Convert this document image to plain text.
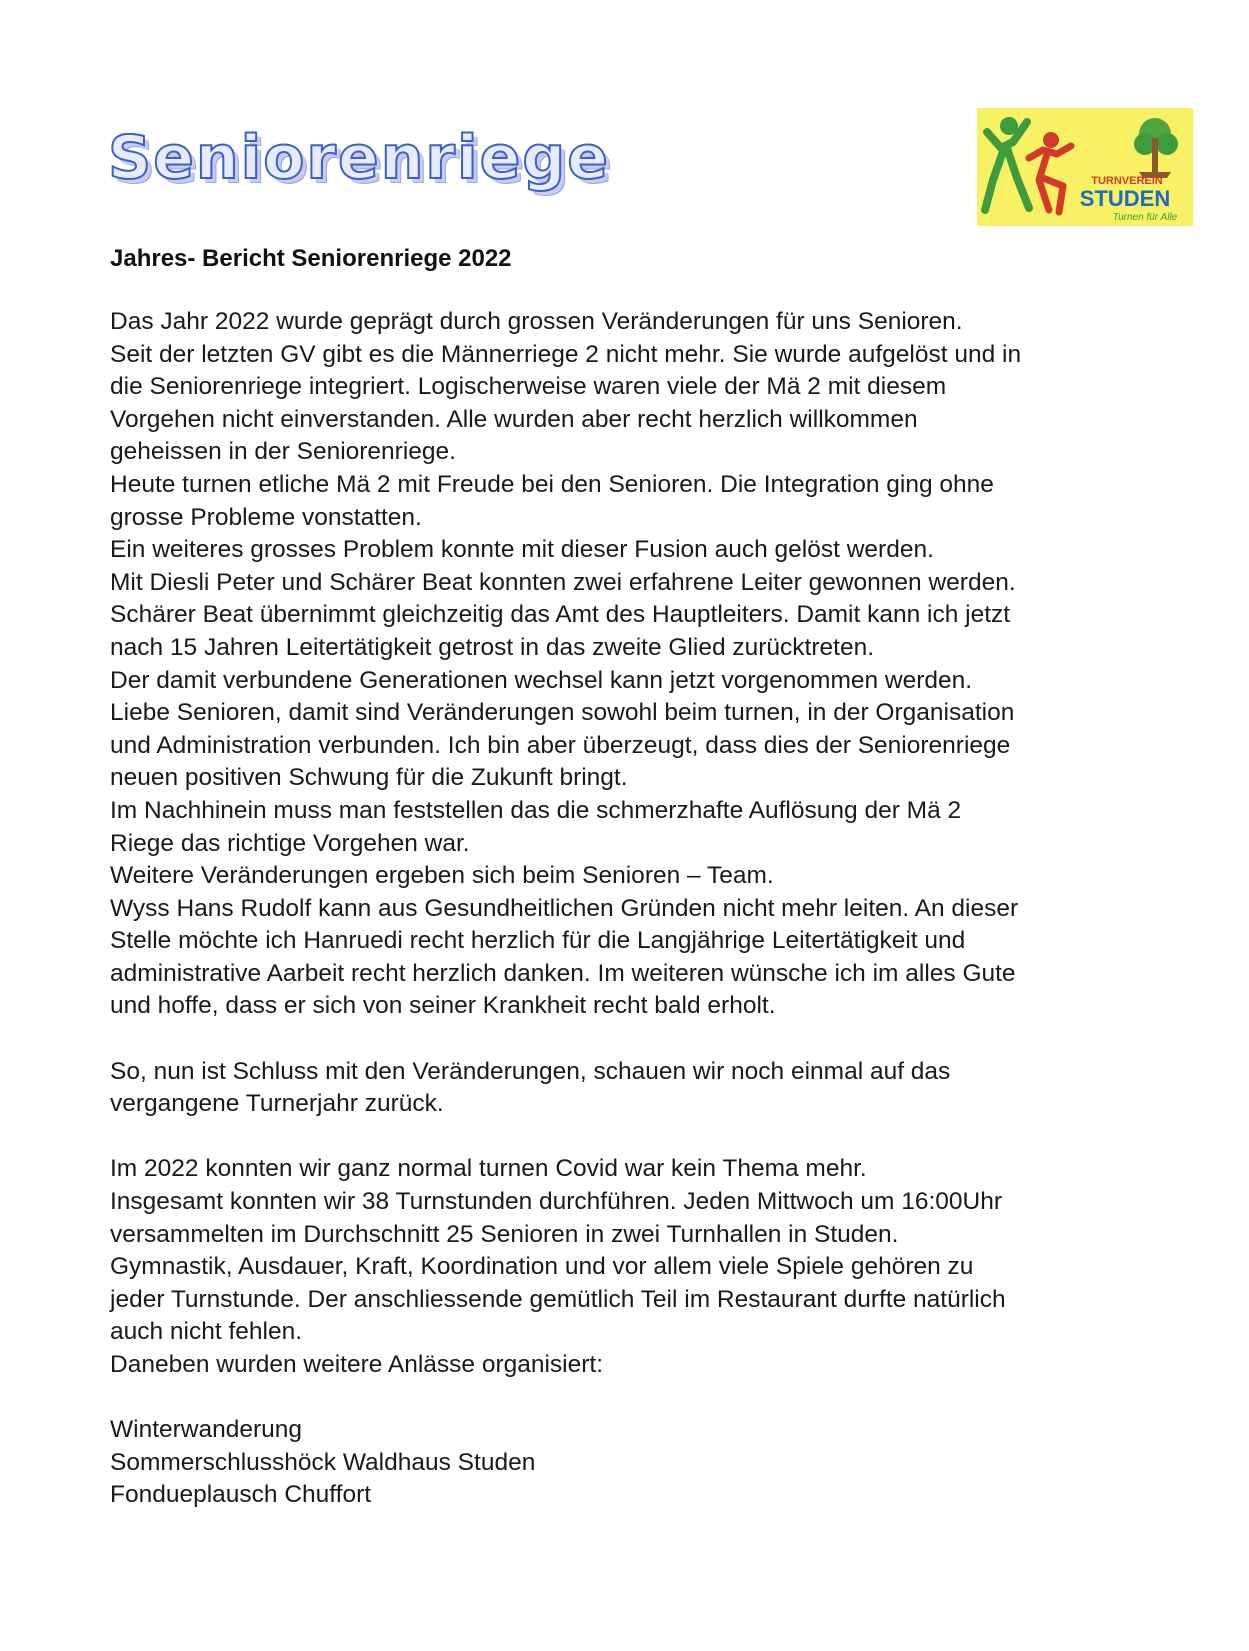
Seniorenriege	TURNVEREIN
STUDEN
Turnen für Alle
Jahres- Bericht Seniorenriege 2022
Das Jahr 2022 wurde geprägt durch grossen Veränderungen für uns Senioren.
Seit der letzten GV gibt es die Männerriege 2 nicht mehr. Sie wurde aufgelöst und in
die Seniorenriege integriert. Logischerweise waren viele der Mä 2 mit diesem
Vorgehen nicht einverstanden. Alle wurden aber recht herzlich willkommen
geheissen in der Seniorenriege.
Heute turnen etliche Mä 2 mit Freude bei den Senioren. Die Integration ging ohne
grosse Probleme vonstatten.
Ein weiteres grosses Problem konnte mit dieser Fusion auch gelöst werden.
Mit Diesli Peter und Schärer Beat konnten zwei erfahrene Leiter gewonnen werden.
Schärer Beat übernimmt gleichzeitig das Amt des Hauptleiters. Damit kann ich jetzt
nach 15 Jahren Leitertätigkeit getrost in das zweite Glied zurücktreten.
Der damit verbundene Generationen wechsel kann jetzt vorgenommen werden.
Liebe Senioren, damit sind Veränderungen sowohl beim turnen, in der Organisation
und Administration verbunden. Ich bin aber überzeugt, dass dies der Seniorenriege
neuen positiven Schwung für die Zukunft bringt.
Im Nachhinein muss man feststellen das die schmerzhafte Auflösung der Mä 2
Riege das richtige Vorgehen war.
Weitere Veränderungen ergeben sich beim Senioren – Team.
Wyss Hans Rudolf kann aus Gesundheitlichen Gründen nicht mehr leiten. An dieser
Stelle möchte ich Hanruedi recht herzlich für die Langjährige Leitertätigkeit und
administrative Aarbeit recht herzlich danken. Im weiteren wünsche ich im alles Gute
und hoffe, dass er sich von seiner Krankheit recht bald erholt.
So, nun ist Schluss mit den Veränderungen, schauen wir noch einmal auf das
vergangene Turnerjahr zurück.
Im 2022 konnten wir ganz normal turnen Covid war kein Thema mehr.
Insgesamt konnten wir 38 Turnstunden durchführen. Jeden Mittwoch um 16:00Uhr
versammelten im Durchschnitt 25 Senioren in zwei Turnhallen in Studen.
Gymnastik, Ausdauer, Kraft, Koordination und vor allem viele Spiele gehören zu
jeder Turnstunde. Der anschliessende gemütlich Teil im Restaurant durfte natürlich
auch nicht fehlen.
Daneben wurden weitere Anlässe organisiert:
Winterwanderung
Sommerschlusshöck Waldhaus Studen
Fondueplausch Chuffort
